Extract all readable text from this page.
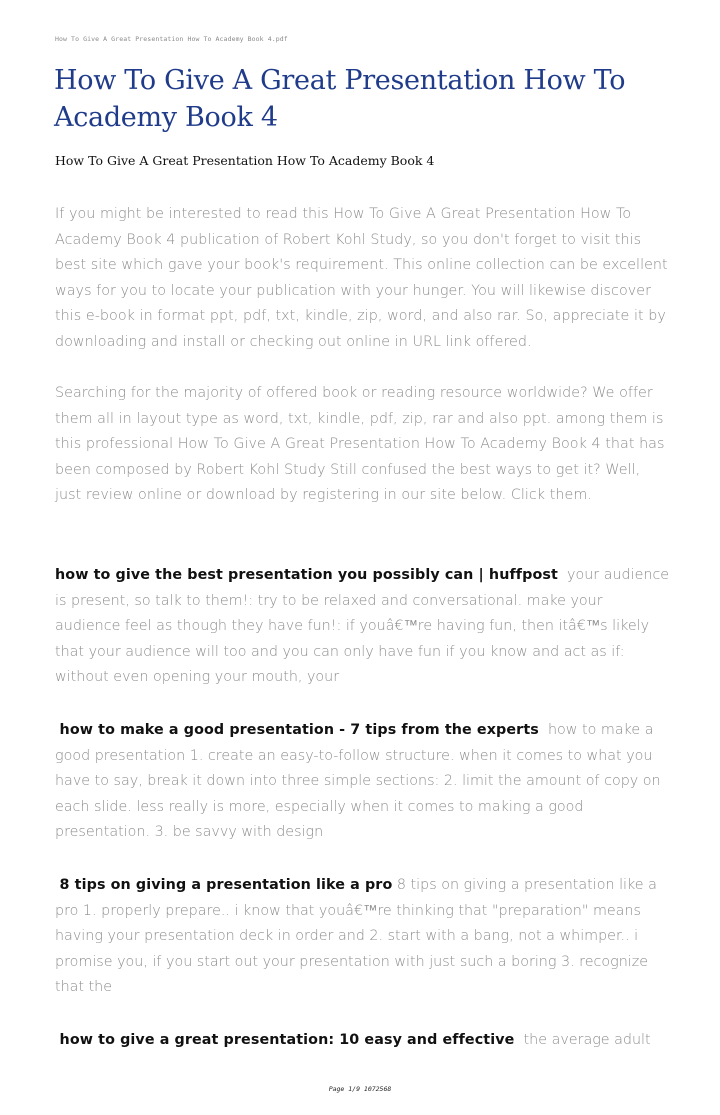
How To Give A Great Presentation How To Academy Book 4.pdf
How To Give A Great Presentation How To Academy Book 4
How To Give A Great Presentation How To Academy Book 4

If you might be interested to read this How To Give A Great Presentation How To Academy Book 4 publication of Robert Kohl Study, so you don't forget to visit this best site which gave your book's requirement. This online collection can be excellent ways for you to locate your publication with your hunger. You will likewise discover this e-book in format ppt, pdf, txt, kindle, zip, word, and also rar. So, appreciate it by downloading and install or checking out online in URL link offered.

Searching for the majority of offered book or reading resource worldwide? We offer them all in layout type as word, txt, kindle, pdf, zip, rar and also ppt. among them is this professional How To Give A Great Presentation How To Academy Book 4 that has been composed by Robert Kohl Study Still confused the best ways to get it? Well, just review online or download by registering in our site below. Click them.

how to give the best presentation you possibly can | huffpost your audience is present, so talk to them!: try to be relaxed and conversational. make your audience feel as though they have fun!: if youâ€™re having fun, then itâ€™s likely that your audience will too and you can only have fun if you know and act as if: without even opening your mouth, your
how to make a good presentation - 7 tips from the experts how to make a good presentation 1. create an easy-to-follow structure. when it comes to what you have to say, break it down into three simple sections: 2. limit the amount of copy on each slide. less really is more, especially when it comes to making a good presentation. 3. be savvy with design
8 tips on giving a presentation like a pro 8 tips on giving a presentation like a pro 1. properly prepare.. i know that youâ€™re thinking that "preparation" means having your presentation deck in order and 2. start with a bang, not a whimper.. i promise you, if you start out your presentation with just such a boring 3. recognize that the
how to give a great presentation: 10 easy and effective the average adult
Page 1/9 1072568
